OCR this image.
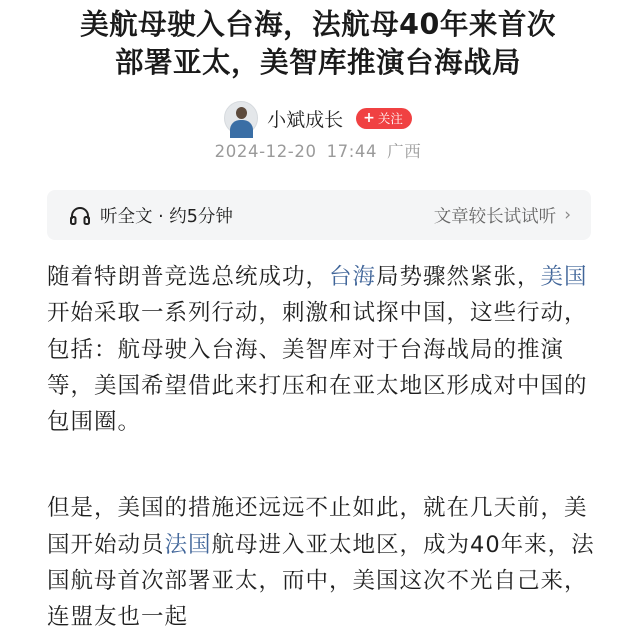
美航母驶入台海，法航母40年来首次
部署亚太，美智库推演台海战局
小斌成长 + 关注
2024-12-20 17:44 广西
听全文 · 约5分钟	文章较长试试听 ›

随着特朗普竞选总统成功，台海局势骤然紧张，美国开始采取一系列行动，刺激和试探中国，这些行动，包括：航母驶入台海、美智库对于台海战局的推演等，美国希望借此来打压和在亚太地区形成对中国的包围圈。

但是，美国的措施还远远不止如此，就在几天前，美国开始动员法国航母进入亚太地区，成为40年来，法国航母首次部署亚太，而中，美国这次不光自己来，连盟友也一起
